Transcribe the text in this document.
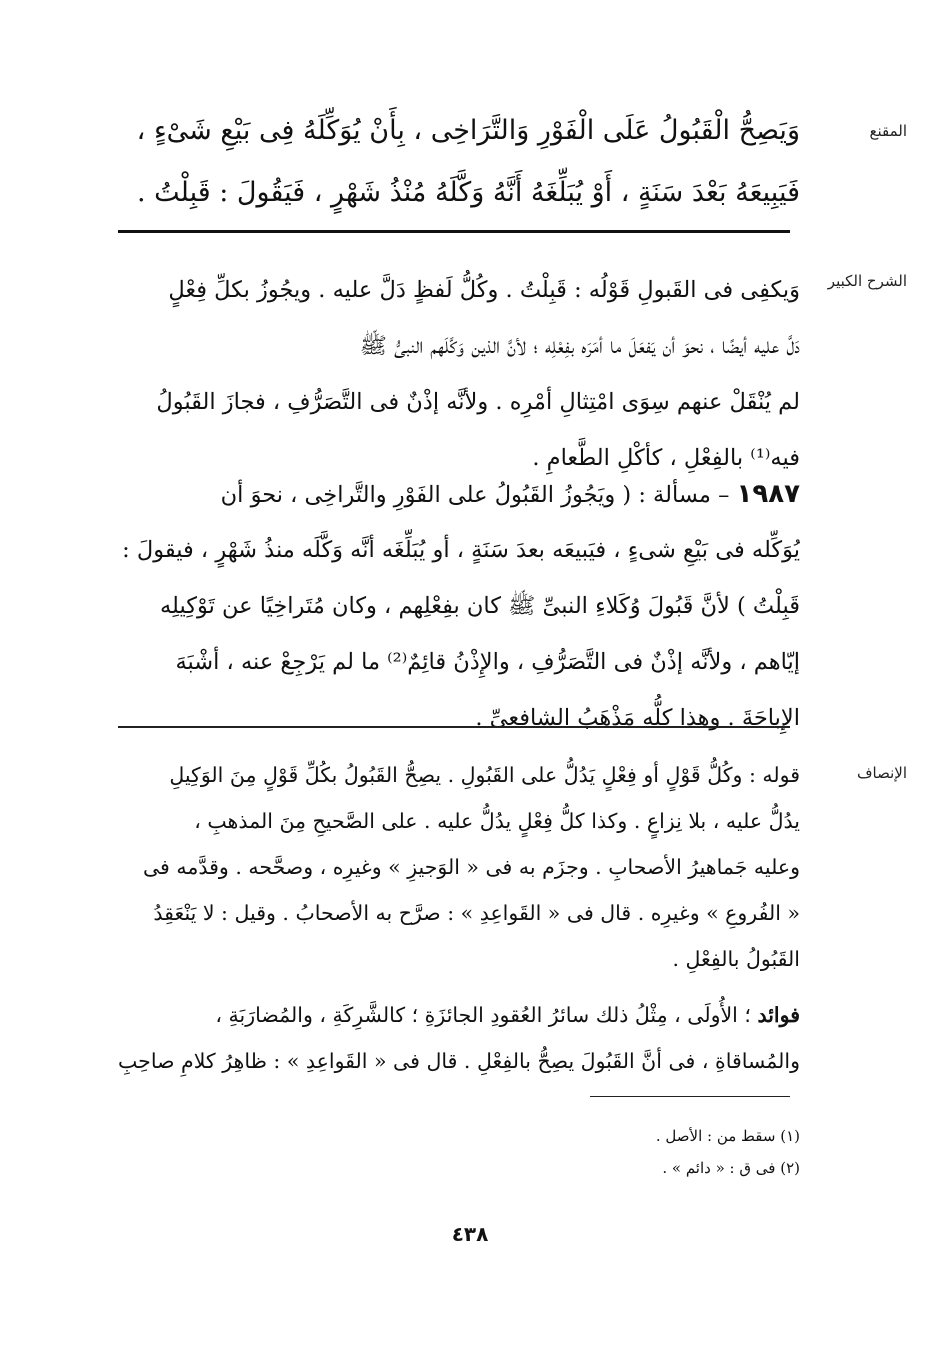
المقنع
وَيَصِحُّ الْقَبُولُ عَلَى الْفَوْرِ وَالتَّرَاخِى ، بِأَنْ يُوَكِّلَهُ فِى بَيْعِ شَىْءٍ ،
فَيَبِيعَهُ بَعْدَ سَنَةٍ ، أَوْ يُبَلِّغَهُ أَنَّهُ وَكَّلَهُ مُنْذُ شَهْرٍ ، فَيَقُولَ : قَبِلْتُ .
الشرح الكبير
وَيكفِى فى القَبولِ قَوْلُه : قَبِلْتُ . وكُلُّ لَفظٍ دَلَّ عليه . ويجُوزُ بكلِّ فِعْلٍ
دَلَّ عليه أيضًا ، نحوَ أن يَفعَلَ ما أمَرَه بفِعْلِه ؛ لأنَّ الذين وَكَّلَهم النبىُّ ﷺ
لم يُنْقَلْ عنهم سِوَى امْتِثالِ أمْرِه . ولأنَّه إذْنٌ فى التَّصَرُّفِ ، فجازَ القَبُولُ
فيه⁽¹⁾ بالفِعْلِ ، كأكْلِ الطَّعامِ .
١٩٨٧ – مسألة : ( ويَجُوزُ القَبُولُ على الفَوْرِ والتَّراخِى ، نحوَ أن
يُوَكِّله فى بَيْعِ شىءٍ ، فيَبيعَه بعدَ سَنَةٍ ، أو يُبَلِّغَه أنَّه وَكَّلَه منذُ شَهْرٍ ، فيقولَ :
قَبِلْتُ ) لأنَّ قَبُولَ وُكَلاءِ النبىِّ ﷺ كان بفِعْلِهم ، وكان مُتَراخِيًا عن تَوْكِيلِه
إيّاهم ، ولأنَّه إذْنٌ فى التَّصَرُّفِ ، والإِذْنُ قائِمٌ⁽²⁾ ما لم يَرْجِعْ عنه ، أشْبَهَ
الإِباحَةَ . وهذا كلُّه مَذْهَبُ الشافعىِّ .
الإنصاف
قوله : وكُلُّ قَوْلٍ أو فِعْلٍ يَدُلُّ على القَبُولِ . يصِحُّ القَبُولُ بكُلِّ قَوْلٍ مِنَ الوَكِيلِ
يدُلُّ عليه ، بلا نِزاعٍ . وكذا كلُّ فِعْلٍ يدُلُّ عليه . على الصَّحيحِ مِنَ المذهبِ ،
وعليه جَماهيرُ الأصحابِ . وجزَم به فى « الوَجيزِ » وغيرِه ، وصحَّحه . وقدَّمه فى
« الفُروعِ » وغيرِه . قال فى « القَواعِدِ » : صرَّح به الأصحابُ . وقيل : لا يَنْعَقِدُ
القَبُولُ بالفِعْلِ .
فوائد ؛ الأُولَى ، مِثْلُ ذلك سائرُ العُقودِ الجائزَةِ ؛ كالشَّرِكَةِ ، والمُضارَبَةِ ،
والمُساقاةِ ، فى أنَّ القَبُولَ يصِحُّ بالفِعْلِ . قال فى « القَواعِدِ » : ظاهِرُ كلامِ صاحِبِ
(١) سقط من : الأصل .
(٢) فى ق : « دائم » .
٤٣٨
